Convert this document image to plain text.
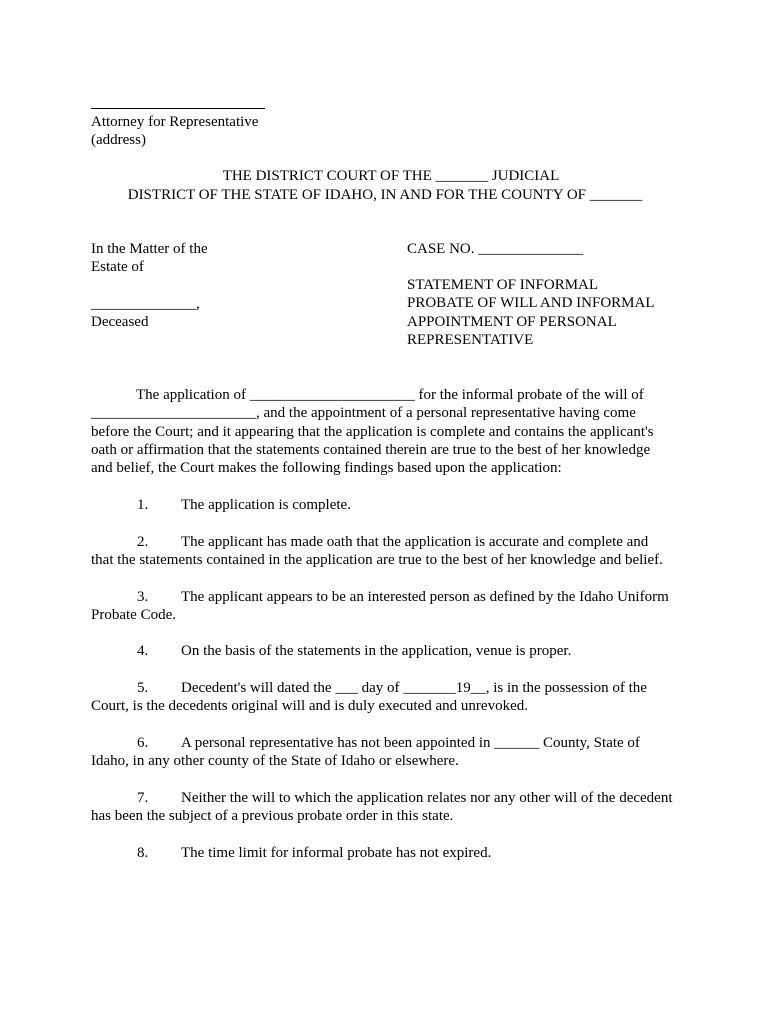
Attorney for Representative
(address)
THE DISTRICT COURT OF THE _______ JUDICIAL
DISTRICT OF THE STATE OF IDAHO, IN AND FOR THE COUNTY OF _______
In the Matter of the
Estate of
______________,
Deceased
CASE NO. ______________
STATEMENT OF INFORMAL
PROBATE OF WILL AND INFORMAL
APPOINTMENT OF PERSONAL
REPRESENTATIVE
The application of ______________________ for the informal probate of the will of
______________________, and the appointment of a personal representative having come
before the Court; and it appearing that the application is complete and contains the applicant's
oath or affirmation that the statements contained therein are true to the best of her knowledge
and belief, the Court makes the following findings based upon the application:
1. The application is complete.
2. The applicant has made oath that the application is accurate and complete and
that the statements contained in the application are true to the best of her knowledge and belief.
3. The applicant appears to be an interested person as defined by the Idaho Uniform
Probate Code.
4. On the basis of the statements in the application, venue is proper.
5. Decedent's will dated the ___ day of _______19__, is in the possession of the
Court, is the decedents original will and is duly executed and unrevoked.
6. A personal representative has not been appointed in ______ County, State of
Idaho, in any other county of the State of Idaho or elsewhere.
7. Neither the will to which the application relates nor any other will of the decedent
has been the subject of a previous probate order in this state.
8. The time limit for informal probate has not expired.
